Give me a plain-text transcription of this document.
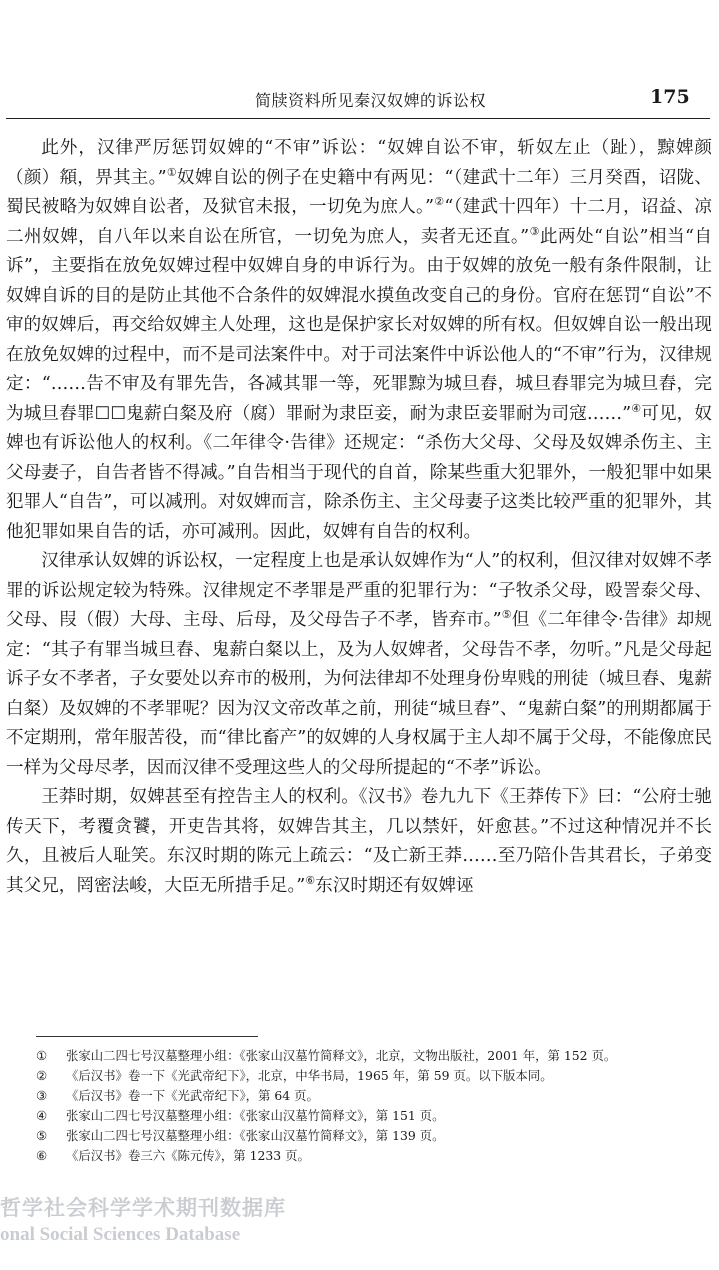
简牍资料所见秦汉奴婢的诉讼权	175

此外，汉律严厉惩罚奴婢的“不审”诉讼：“奴婢自讼不审，斩奴左止（趾），黥婢颜（颜）頯，畀其主。”①奴婢自讼的例子在史籍中有两见：“（建武十二年）三月癸酉，诏陇、蜀民被略为奴婢自讼者，及狱官未报，一切免为庶人。”②“（建武十四年）十二月，诏益、凉二州奴婢，自八年以来自讼在所官，一切免为庶人，卖者无还直。”③此两处“自讼”相当“自诉”，主要指在放免奴婢过程中奴婢自身的申诉行为。由于奴婢的放免一般有条件限制，让奴婢自诉的目的是防止其他不合条件的奴婢混水摸鱼改变自己的身份。官府在惩罚“自讼”不审的奴婢后，再交给奴婢主人处理，这也是保护家长对奴婢的所有权。但奴婢自讼一般出现在放免奴婢的过程中，而不是司法案件中。对于司法案件中诉讼他人的“不审”行为，汉律规定：“……告不审及有罪先告，各减其罪一等，死罪黥为城旦舂，城旦舂罪完为城旦舂，完为城旦舂罪☐☐鬼薪白粲及府（腐）罪耐为隶臣妾，耐为隶臣妾罪耐为司寇……”④可见，奴婢也有诉讼他人的权利。《二年律令·告律》还规定：“杀伤大父母、父母及奴婢杀伤主、主父母妻子，自告者皆不得减。”自告相当于现代的自首，除某些重大犯罪外，一般犯罪中如果犯罪人“自告”，可以减刑。对奴婢而言，除杀伤主、主父母妻子这类比较严重的犯罪外，其他犯罪如果自告的话，亦可减刑。因此，奴婢有自告的权利。

汉律承认奴婢的诉讼权，一定程度上也是承认奴婢作为“人”的权利，但汉律对奴婢不孝罪的诉讼规定较为特殊。汉律规定不孝罪是严重的犯罪行为：“子牧杀父母，殴詈泰父母、父母、叚（假）大母、主母、后母，及父母告子不孝，皆弃市。”⑤但《二年律令·告律》却规定：“其子有罪当城旦舂、鬼薪白粲以上，及为人奴婢者，父母告不孝，勿听。”凡是父母起诉子女不孝者，子女要处以弃市的极刑，为何法律却不处理身份卑贱的刑徒（城旦舂、鬼薪白粲）及奴婢的不孝罪呢？因为汉文帝改革之前，刑徒“城旦舂”、“鬼薪白粲”的刑期都属于不定期刑，常年服苦役，而“律比畜产”的奴婢的人身权属于主人却不属于父母，不能像庶民一样为父母尽孝，因而汉律不受理这些人的父母所提起的“不孝”诉讼。

王莽时期，奴婢甚至有控告主人的权利。《汉书》卷九九下《王莽传下》曰：“公府士驰传天下，考覆贪饕，开吏告其将，奴婢告其主，几以禁奸，奸愈甚。”不过这种情况并不长久，且被后人耻笑。东汉时期的陈元上疏云：“及亡新王莽……至乃陪仆告其君长，子弟变其父兄，罔密法峻，大臣无所措手足。”⑥东汉时期还有奴婢诬

① 张家山二四七号汉墓整理小组：《张家山汉墓竹简释文》，北京，文物出版社，2001 年，第 152 页。
② 《后汉书》卷一下《光武帝纪下》，北京，中华书局，1965 年，第 59 页。以下版本同。
③ 《后汉书》卷一下《光武帝纪下》，第 64 页。
④ 张家山二四七号汉墓整理小组：《张家山汉墓竹简释文》，第 151 页。
⑤ 张家山二四七号汉墓整理小组：《张家山汉墓竹简释文》，第 139 页。
⑥ 《后汉书》卷三六《陈元传》，第 1233 页。
哲学社会科学学术期刊数据库
onal Social Sciences Database
